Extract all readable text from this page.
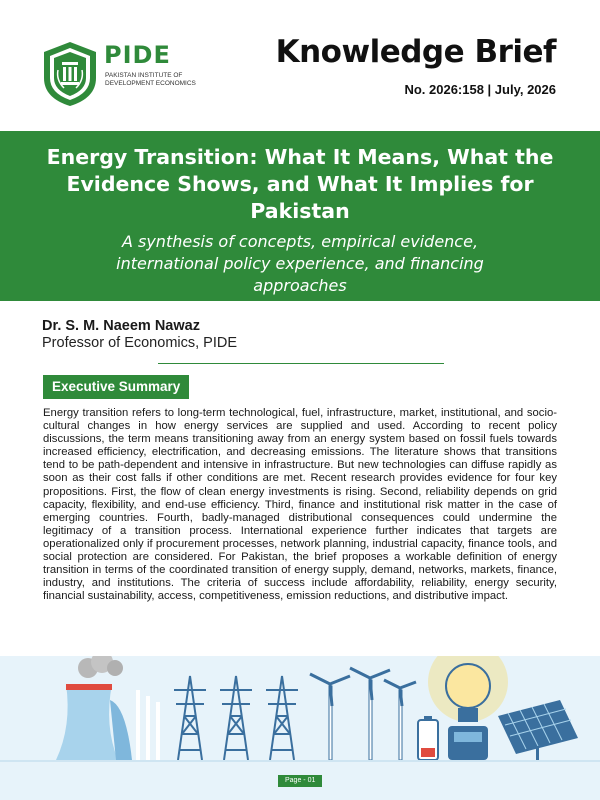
PIDE
PAKISTAN INSTITUTE OF DEVELOPMENT ECONOMICS
Knowledge Brief
No. 2026:158 | July, 2026
Energy Transition: What It Means, What the Evidence Shows, and What It Implies for Pakistan
A synthesis of concepts, empirical evidence, international policy experience, and financing approaches
Dr. S. M. Naeem Nawaz
Professor of Economics, PIDE
Executive Summary
Energy transition refers to long-term technological, fuel, infrastructure, market, institutional, and socio-cultural changes in how energy services are supplied and used. According to recent policy discussions, the term means transitioning away from an energy system based on fossil fuels towards increased efficiency, electrification, and decreasing emissions. The literature shows that transitions tend to be path-dependent and intensive in infrastructure. But new technologies can diffuse rapidly as soon as their cost falls if other conditions are met. Recent research provides evidence for four key propositions. First, the flow of clean energy investments is rising. Second, reliability depends on grid capacity, flexibility, and end-use efficiency. Third, finance and institutional risk matter in the case of emerging countries. Fourth, badly-managed distributional consequences could undermine the legitimacy of a transition process. International experience further indicates that targets are operationalized only if procurement processes, network planning, industrial capacity, finance tools, and social protection are considered. For Pakistan, the brief proposes a workable definition of energy transition in terms of the coordinated transition of energy supply, demand, networks, markets, finance, industry, and institutions. The criteria of success include affordability, reliability, energy security, financial sustainability, access, competitiveness, emission reductions, and distributive impact.
Page - 01
